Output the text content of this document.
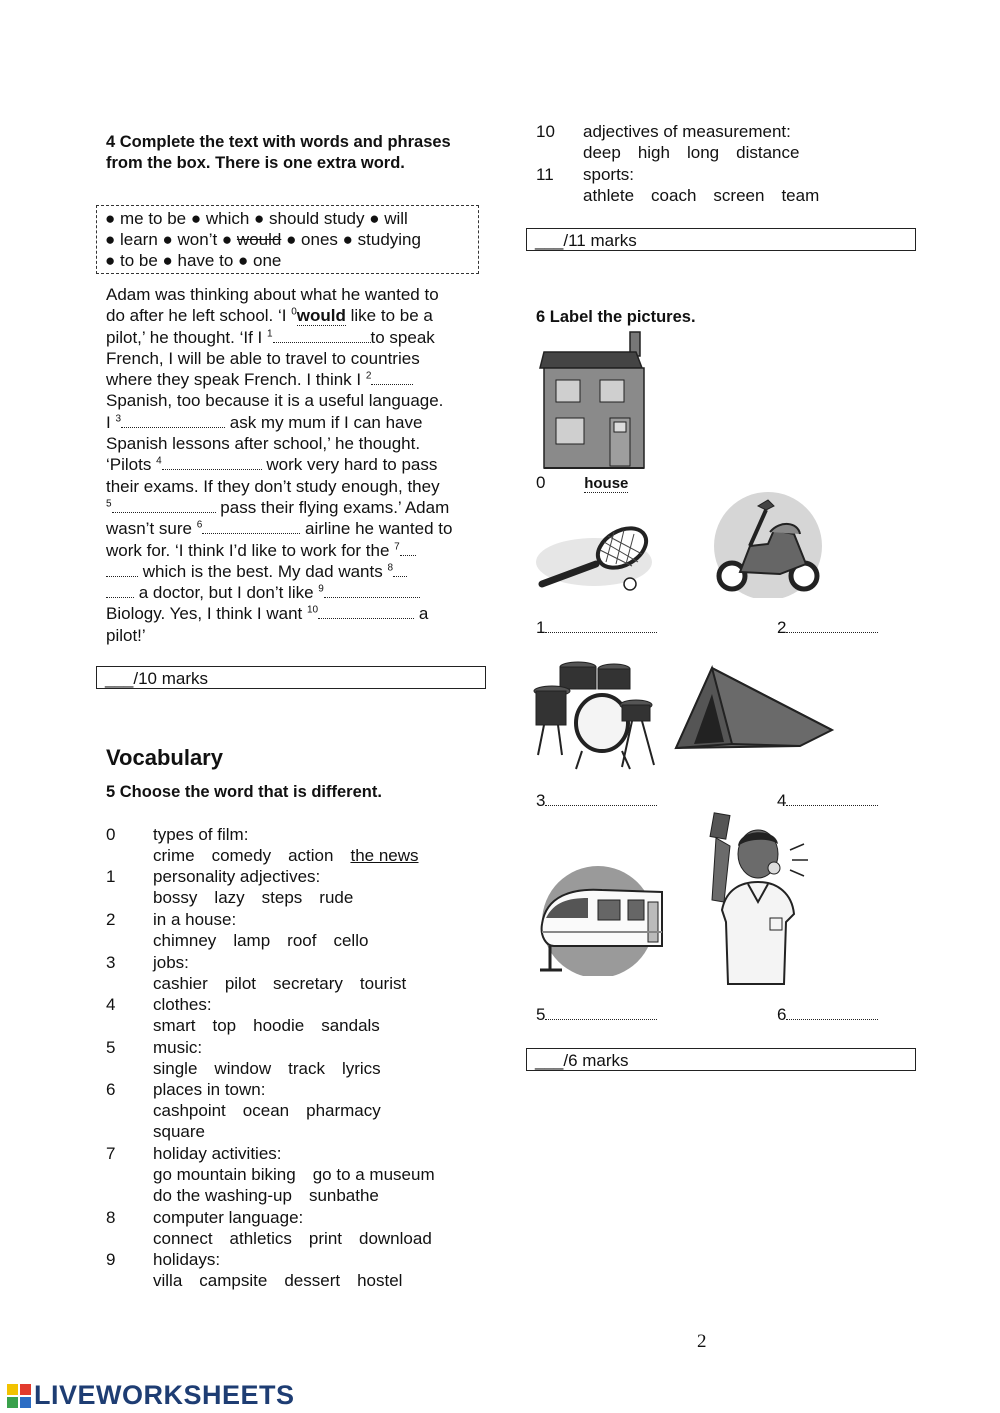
4 Complete the text with words and phrases from the box. There is one extra word.
● me to be ● which ● should study ● will
● learn ● won’t ● would ● ones ● studying
● to be ● have to ● one
Adam was thinking about what he wanted to
do after he left school. ‘I $^0$would like to be a
pilot,’ he thought. ‘If I $^1$	to speak
French, I will be able to travel to countries
where they speak French. I think I $^2$
Spanish, too because it is a useful language.
I $^3$	ask my mum if I can have
Spanish lessons after school,’ he thought.
‘Pilots $^4$	work very hard to pass
their exams. If they don’t study enough, they
$^5$	pass their flying exams.’ Adam
wasn’t sure $^6$	airline he wanted to
work for. ‘I think I’d like to work for the $^7$
which is the best. My dad wants $^8$
a doctor, but I don’t like $^9$
Biology. Yes, I think I want $^{10}$	a
pilot!’
___/10 marks
Vocabulary
5 Choose the word that is different.
0 types of film:
crime comedy action the news
1 personality adjectives:
bossy lazy steps rude
2 in a house:
chimney lamp roof cello
3 jobs:
cashier pilot secretary tourist
4 clothes:
smart top hoodie sandals
5 music:
single window track lyrics
6 places in town:
cashpoint ocean pharmacy
square
7 holiday activities:
go mountain biking go to a museum
do the washing-up sunbathe
8 computer language:
connect athletics print download
9 holidays:
villa campsite dessert hostel
10 adjectives of measurement:
deep high long distance
11 sports:
athlete coach screen team
___/11 marks
6 Label the pictures.
0	house
1	2
3	4
5	6
___/6 marks
2
LIVEWORKSHEETS
